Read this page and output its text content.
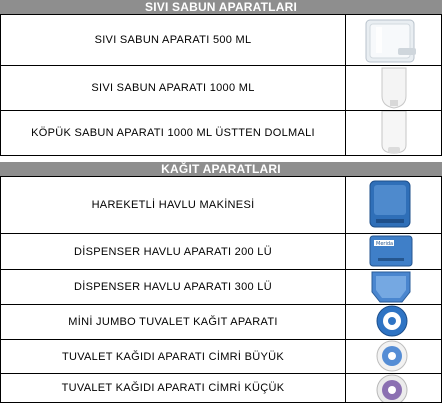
SIVI SABUN APARATLARI
SIVI SABUN APARATI 500 ML
SIVI SABUN APARATI 1000 ML
KÖPÜK SABUN APARATI 1000 ML ÜSTTEN DOLMALI
KAĞIT APARATLARI
HAREKETLİ HAVLU MAKİNESİ
DİSPENSER HAVLU APARATI 200 LÜ
Merida
DİSPENSER HAVLU APARATI 300 LÜ
MİNİ JUMBO TUVALET KAĞIT APARATI
TUVALET KAĞIDI APARATI CİMRİ BÜYÜK
TUVALET KAĞIDI APARATI CİMRİ KÜÇÜK
